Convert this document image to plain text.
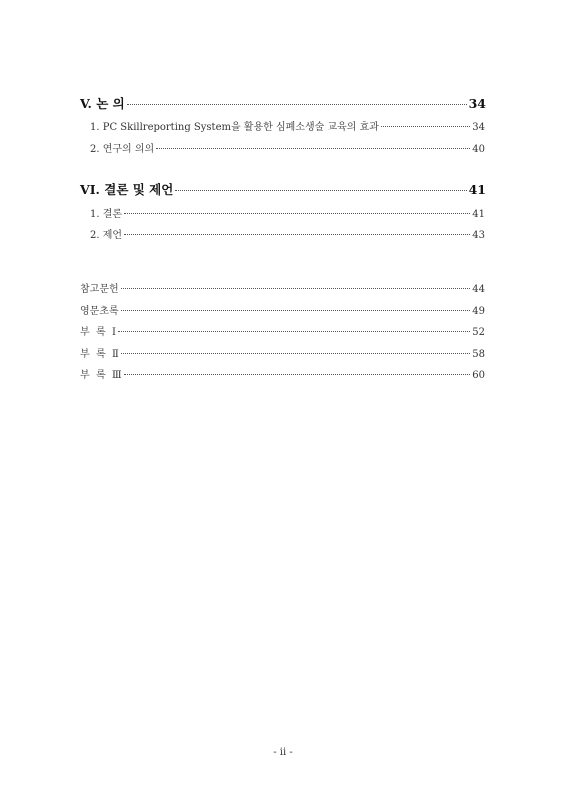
V. 논 의	34
1. PC Skillreporting System을 활용한 심폐소생술 교육의 효과	34
2. 연구의 의의	40
VI. 결론 및 제언	41
1. 결론	41
2. 제언	43
참고문헌	44
영문초록	49
부  록  Ⅰ	52
부  록  Ⅱ	58
부  록  Ⅲ	60
- ii -
